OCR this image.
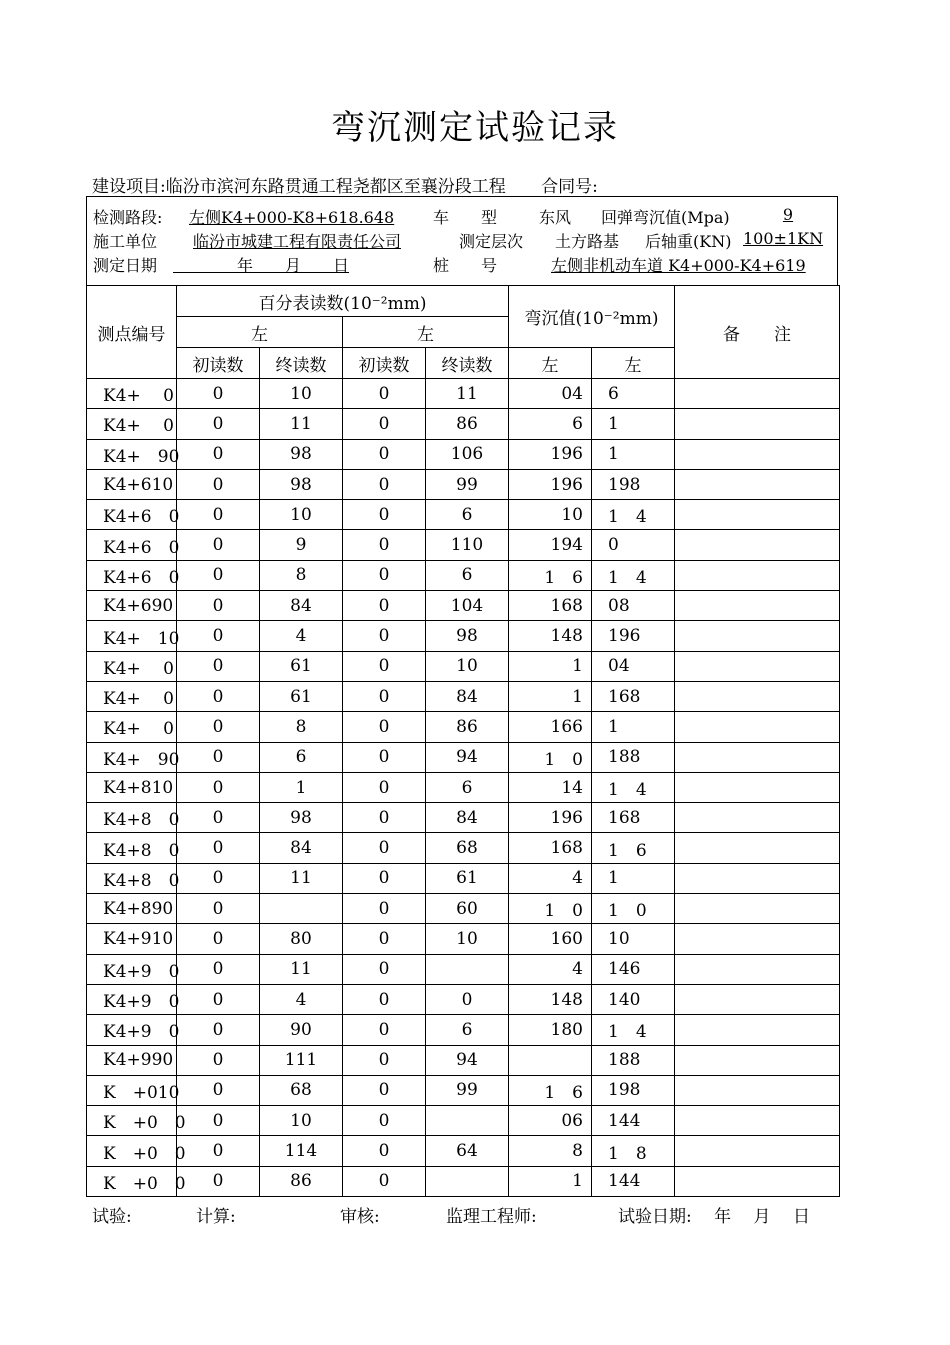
弯沉测定试验记录
建设项目:临汾市滨河东路贯通工程尧都区至襄汾段工程 合同号:
检测路段: 左侧K4+000-K8+618.648 车　　型	东风 回弹弯沉值(Mpa)	9
施工单位 临汾市城建工程有限责任公司	测定层次 土方路基 后轴重(KN) 100±1KN
测定日期 　　　　年　　月　　日	桩　　号	左侧非机动车道 K4+000-K4+619
测点编号	百分表读数(10⁻²mm)				弯沉值(10⁻²mm)		备　　注
	左		左				
	初读数	终读数	初读数	终读数	左	左	
K4+　 0	0	10	0	11	04	6	
K4+　 0	0	11	0	86	6	1	
K4+　90	0	98	0	106	196	1	
K4+610	0	98	0	99	196	198	
K4+6　0	0	10	0	6	10	1　4	
K4+6　0	0	9	0	110	194	0	
K4+6　0	0	8	0	6	1　6	1　4	
K4+690	0	84	0	104	168	08	
K4+　10	0	4	0	98	148	196	
K4+　 0	0	61	0	10	1	04	
K4+　 0	0	61	0	84	1	168	
K4+　 0	0	8	0	86	166	1	
K4+　90	0	6	0	94	1　0	188	
K4+810	0	1	0	6	14	1　4	
K4+8　0	0	98	0	84	196	168	
K4+8　0	0	84	0	68	168	1　6	
K4+8　0	0	11	0	61	4	1	
K4+890	0		0	60	1　0	1　0	
K4+910	0	80	0	10	160	10	
K4+9　0	0	11	0		4	146	
K4+9　0	0	4	0	0	148	140	
K4+9　0	0	90	0	6	180	1　4	
K4+990	0	111	0	94		188	
K　+010	0	68	0	99	1　6	198	
K　+0　0	0	10	0		06	144	
K　+0　0	0	114	0	64	8	1　8	
K　+0　0	0	86	0		1	144	
试验:	计算:	审核:	监理工程师:	试验日期:　 年　 月　 日
